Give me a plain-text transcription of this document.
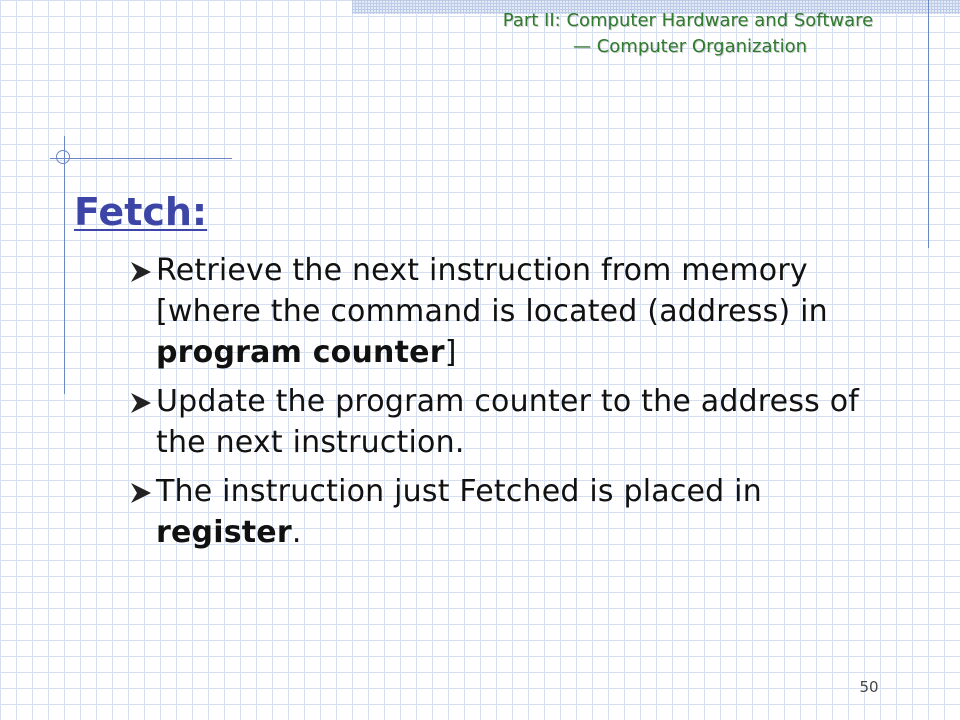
Part II: Computer Hardware and Software
— Computer Organization
Fetch:
Retrieve the next instruction from memory [where the command is located (address) in program counter]
Update the program counter to the address of the next instruction.
The instruction just Fetched is placed in register.
50
